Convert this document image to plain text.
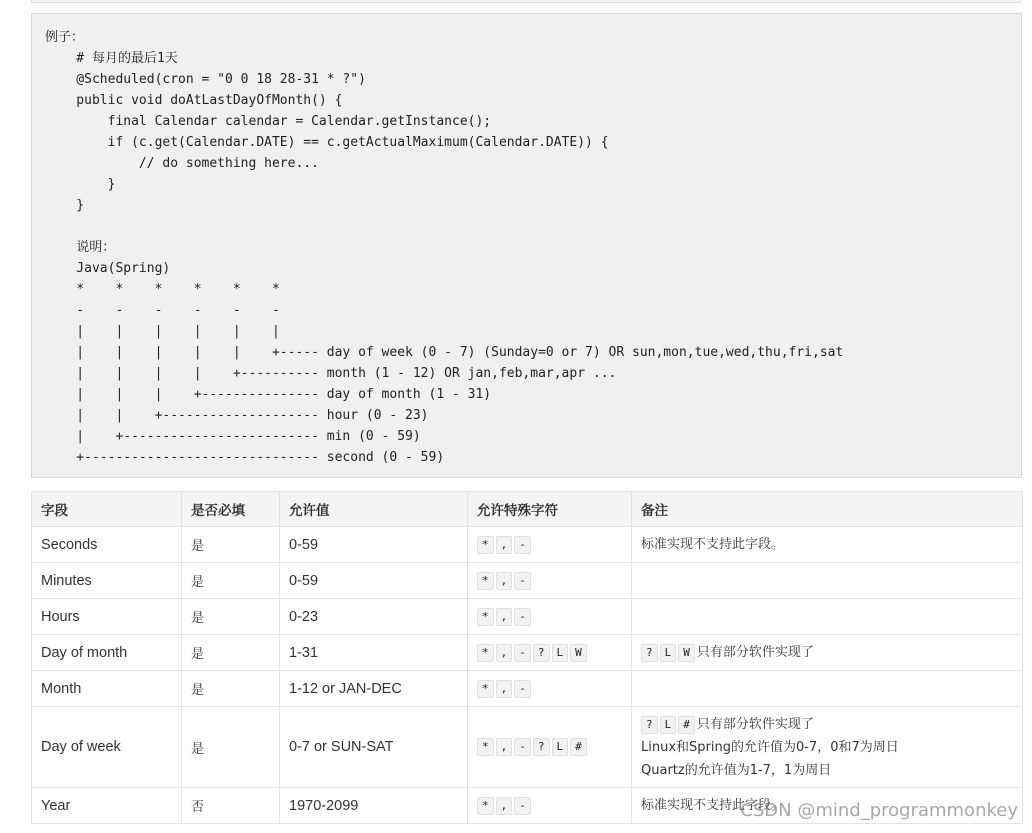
例子：
# 每月的最后1天
@Scheduled(cron = "0 0 18 28-31 * ?")
public void doAtLastDayOfMonth() {
final Calendar calendar = Calendar.getInstance();
if (c.get(Calendar.DATE) == c.getActualMaximum(Calendar.DATE)) {
// do something here...
}
}

说明：
Java(Spring)
*    *    *    *    *    *
-    -    -    -    -    -
|    |    |    |    |    |
|    |    |    |    |    +----- day of week (0 - 7) (Sunday=0 or 7) OR sun,mon,tue,wed,thu,fri,sat
|    |    |    |    +---------- month (1 - 12) OR jan,feb,mar,apr ...
|    |    |    +--------------- day of month (1 - 31)
|    |    +-------------------- hour (0 - 23)
|    +------------------------- min (0 - 59)
+------------------------------ second (0 - 59)
字段	是否必填	允许值	允许特殊字符	备注
Seconds	是	0-59	* , -	标准实现不支持此字段。

Minutes	是	0-59	* , -	
Hours	是	0-23	* , -	
Day of month	是	1-31	* , - ? L W	? L W 只有部分软件实现了

Month	是	1-12 or JAN-DEC	* , -	
Day of week	是	0-7 or SUN-SAT	* , - ? L #	? L # 只有部分软件实现了
Linux和Spring的允许值为0-7，0和7为周日
Quartz的允许值为1-7，1为周日

Year	否	1970-2099	* , -	标准实现不支持此字段。
CSDN @mind_programmonkey
